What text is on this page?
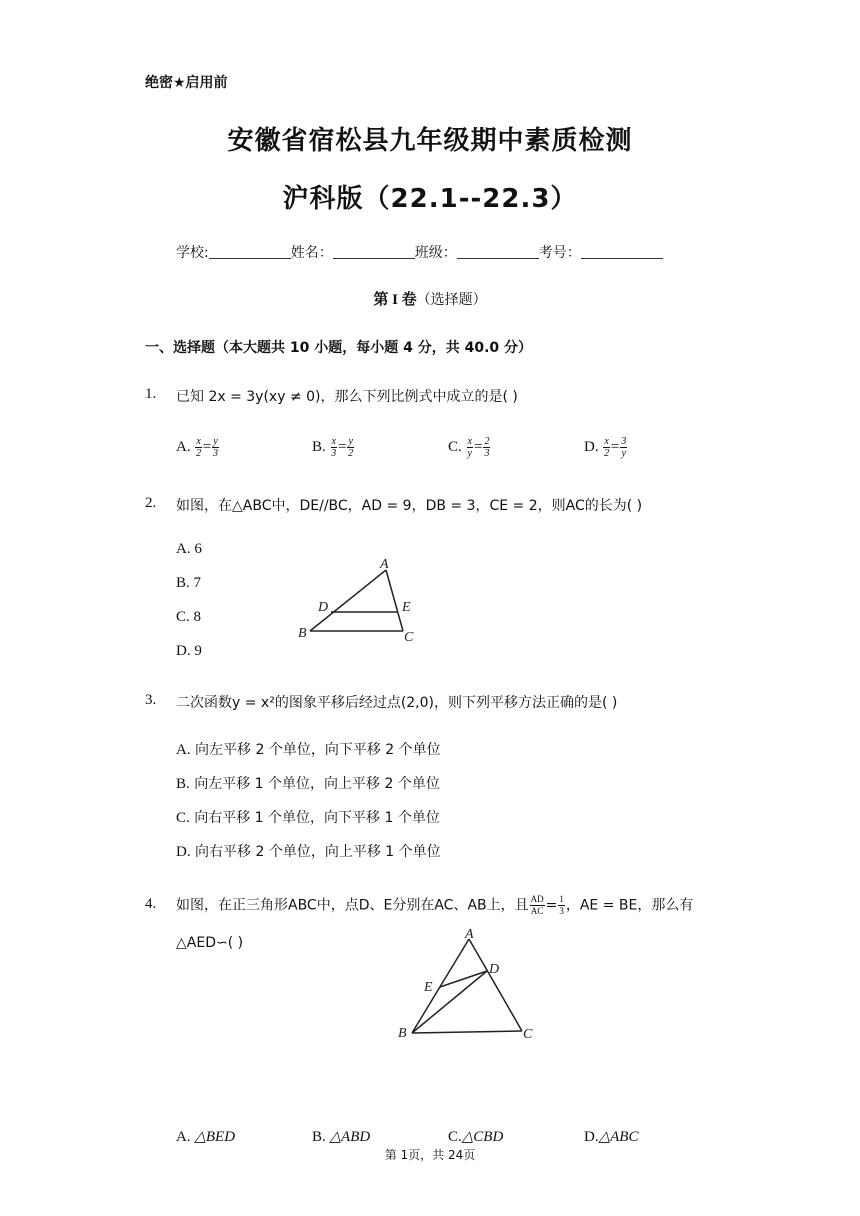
绝密★启用前
安徽省宿松县九年级期中素质检测
沪科版（22.1--22.3）
学校:	姓名：	班级：	考号：
第 I 卷（选择题）
一、选择题（本大题共 10 小题，每小题 4 分，共 40.0 分）
1. 已知 2x = 3y(xy ≠ 0)，那么下列比例式中成立的是( )
A. $\frac{x}{2} = \frac{y}{3}$	B. $\frac{x}{3} = \frac{y}{2}$	C. $\frac{x}{y} = \frac{2}{3}$	D. $\frac{x}{2} = \frac{3}{y}$
2. 如图，在△ABC中，DE//BC，AD = 9，DB = 3，CE = 2，则AC的长为( )
A. 6
B. 7
C. 8
D. 9
A
B	C
D	E
3. 二次函数y = x²的图象平移后经过点(2,0)，则下列平移方法正确的是( )
A. 向左平移 2 个单位，向下平移 2 个单位
B. 向左平移 1 个单位，向上平移 2 个单位
C. 向右平移 1 个单位，向下平移 1 个单位
D. 向右平移 2 个单位，向上平移 1 个单位
4. 如图，在正三角形ABC中，点D、E分别在AC、AB上，且 $\frac{AD}{AC} = \frac{1}{3}$ ，AE = BE，那么有
△AED∽( )
A
B	C
D
E
A. △BED	B. △ABD	C.△CBD	D.△ABC
第 1页，共 24页
